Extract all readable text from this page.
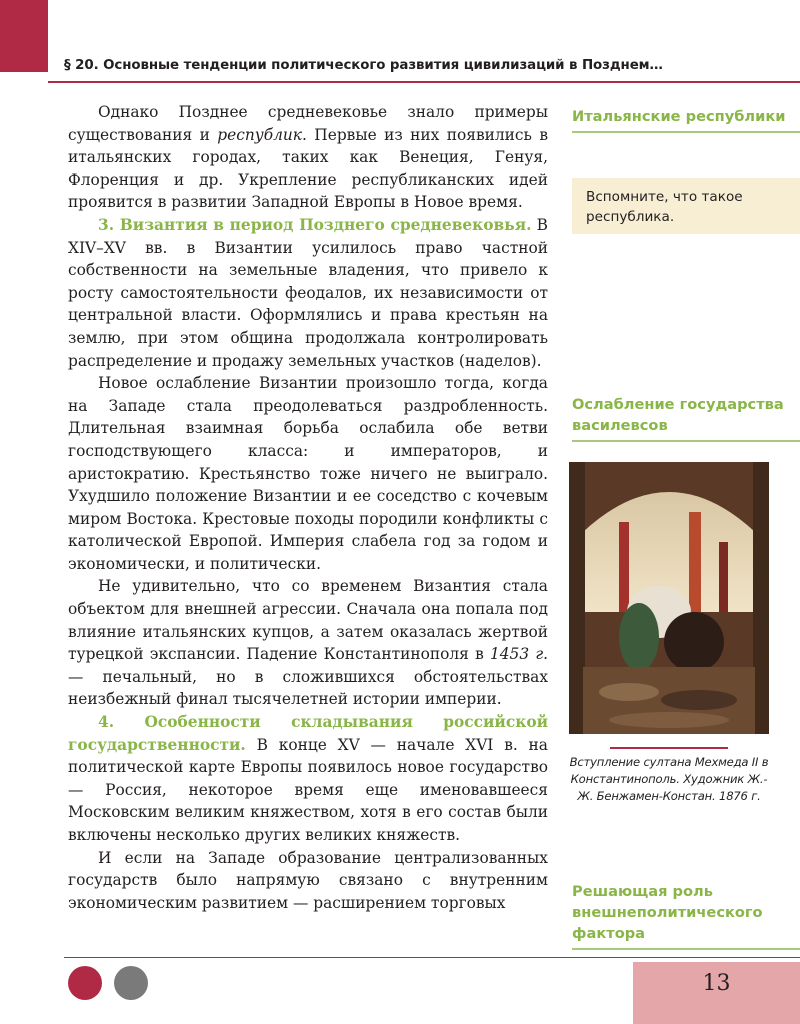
§ 20. Основные тенденции политического развития цивилизаций в Позднем…

Однако Позднее средневековье знало примеры существования и республик. Первые из них появились в итальянских городах, таких как Венеция, Генуя, Флоренция и др. Укрепление республиканских идей проявится в развитии Западной Европы в Новое время.

3. Византия в период Позднего средневековья. В XIV–XV вв. в Византии усилилось право частной собственности на земельные владения, что привело к росту самостоятельности феодалов, их независимости от центральной власти. Оформлялись и права крестьян на землю, при этом община продолжала контролировать распределение и продажу земельных участков (наделов).

Новое ослабление Византии произошло тогда, когда на Западе стала преодолеваться раздробленность. Длительная взаимная борьба ослабила обе ветви господствующего класса: и императоров, и аристократию. Крестьянство тоже ничего не выиграло. Ухудшило положение Византии и ее соседство с кочевым миром Востока. Крестовые походы породили конфликты с католической Европой. Империя слабела год за годом и экономически, и политически.

Не удивительно, что со временем Византия стала объектом для внешней агрессии. Сначала она попала под влияние итальянских купцов, а затем оказалась жертвой турецкой экспансии. Падение Константинополя в 1453 г. — печальный, но в сложившихся обстоятельствах неизбежный финал тысячелетней истории империи.

4. Особенности складывания российской государственности. В конце XV — начале XVI в. на политической карте Европы появилось новое государство — Россия, некоторое время еще именовавшееся Московским великим княжеством, хотя в его состав были включены несколько других великих княжеств.

И если на Западе образование централизованных государств было напрямую связано с внутренним экономическим развитием — расширением торговых

Итальянские республики
Вспомните, что такое республика.
Ослабление государства василевсов
Вступление султана Мехмеда II в Константинополь. Художник Ж.-Ж. Бенжамен-Констан. 1876 г.
Решающая роль внешнеполитического фактора
13
